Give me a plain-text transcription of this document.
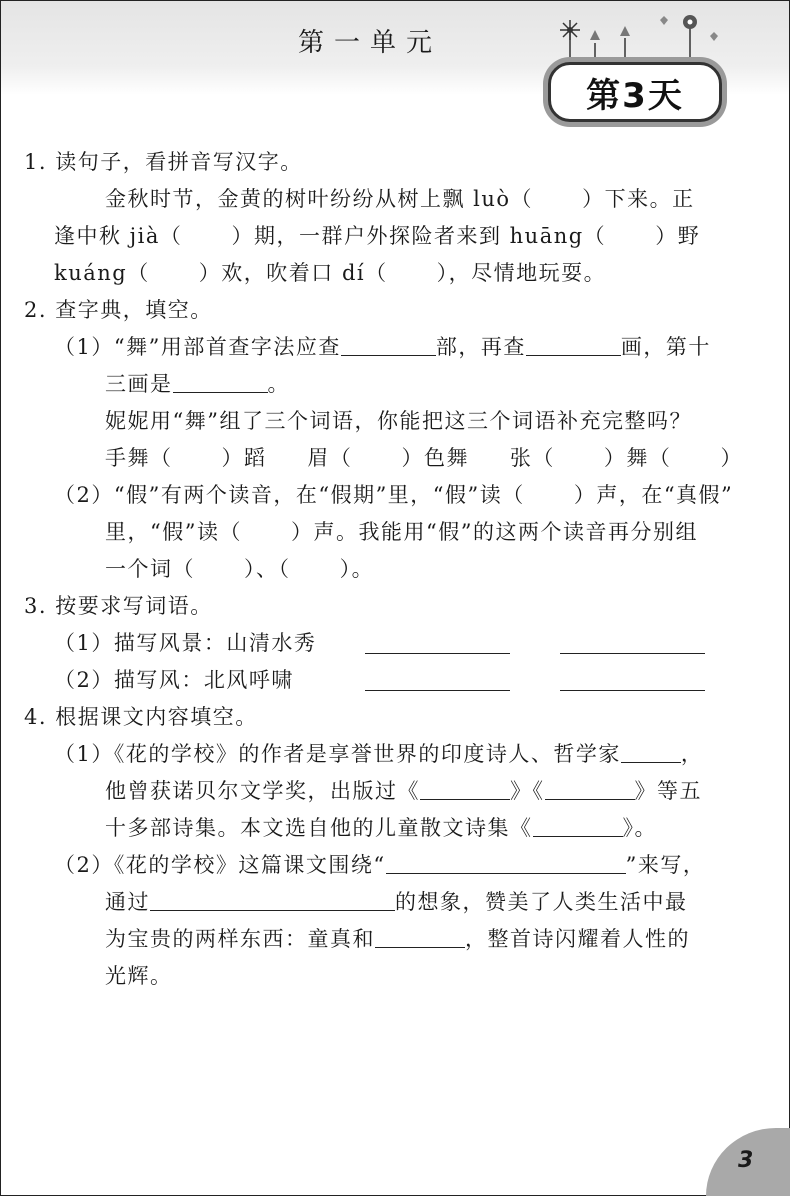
第一单元
第3天
1. 读句子，看拼音写汉字。
金秋时节，金黄的树叶纷纷从树上飘 luò（      ）下来。正
逢中秋 jià（      ）期，一群户外探险者来到 huāng（      ）野
kuáng（      ）欢，吹着口 dí（      ），尽情地玩耍。
2. 查字典，填空。
（1）“舞”用部首查字法应查	部，再查	画，第十
三画是	。
妮妮用“舞”组了三个词语，你能把这三个词语补充完整吗？
手舞（      ）蹈     眉（      ）色舞     张（      ）舞（      ）
（2）“假”有两个读音，在“假期”里，“假”读（      ）声，在“真假”
里，“假”读（      ）声。我能用“假”的这两个读音再分别组
一个词（      ）、（      ）。
3. 按要求写词语。
（1）描写风景：山清水秀
（2）描写风：北风呼啸
4. 根据课文内容填空。
（1）《花的学校》的作者是享誉世界的印度诗人、哲学家	，
他曾获诺贝尔文学奖，出版过《	》《	》等五
十多部诗集。本文选自他的儿童散文诗集《	》。
（2）《花的学校》这篇课文围绕“	”来写，
通过	的想象，赞美了人类生活中最
为宝贵的两样东西：童真和	，整首诗闪耀着人性的
光辉。
3
